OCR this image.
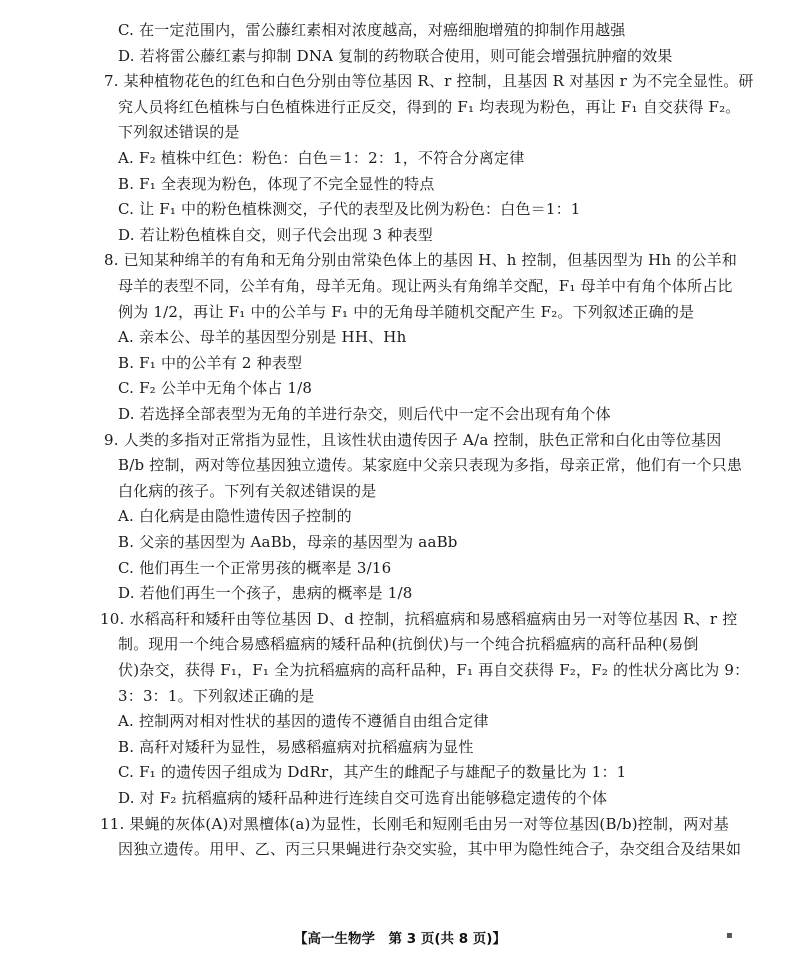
C. 在一定范围内，雷公藤红素相对浓度越高，对癌细胞增殖的抑制作用越强
D. 若将雷公藤红素与抑制 DNA 复制的药物联合使用，则可能会增强抗肿瘤的效果
7. 某种植物花色的红色和白色分别由等位基因 R、r 控制，且基因 R 对基因 r 为不完全显性。研
究人员将红色植株与白色植株进行正反交，得到的 F₁ 均表现为粉色，再让 F₁ 自交获得 F₂。
下列叙述错误的是
A. F₂ 植株中红色：粉色：白色＝1：2：1，不符合分离定律
B. F₁ 全表现为粉色，体现了不完全显性的特点
C. 让 F₁ 中的粉色植株测交，子代的表型及比例为粉色：白色＝1：1
D. 若让粉色植株自交，则子代会出现 3 种表型
8. 已知某种绵羊的有角和无角分别由常染色体上的基因 H、h 控制，但基因型为 Hh 的公羊和
母羊的表型不同，公羊有角，母羊无角。现让两头有角绵羊交配，F₁ 母羊中有角个体所占比
例为 1/2，再让 F₁ 中的公羊与 F₁ 中的无角母羊随机交配产生 F₂。下列叙述正确的是
A. 亲本公、母羊的基因型分别是 HH、Hh
B. F₁ 中的公羊有 2 种表型
C. F₂ 公羊中无角个体占 1/8
D. 若选择全部表型为无角的羊进行杂交，则后代中一定不会出现有角个体
9. 人类的多指对正常指为显性，且该性状由遗传因子 A/a 控制，肤色正常和白化由等位基因
B/b 控制，两对等位基因独立遗传。某家庭中父亲只表现为多指，母亲正常，他们有一个只患
白化病的孩子。下列有关叙述错误的是
A. 白化病是由隐性遗传因子控制的
B. 父亲的基因型为 AaBb，母亲的基因型为 aaBb
C. 他们再生一个正常男孩的概率是 3/16
D. 若他们再生一个孩子，患病的概率是 1/8
10. 水稻高秆和矮秆由等位基因 D、d 控制，抗稻瘟病和易感稻瘟病由另一对等位基因 R、r 控
制。现用一个纯合易感稻瘟病的矮秆品种(抗倒伏)与一个纯合抗稻瘟病的高秆品种(易倒
伏)杂交，获得 F₁，F₁ 全为抗稻瘟病的高秆品种，F₁ 再自交获得 F₂，F₂ 的性状分离比为 9：
3：3：1。下列叙述正确的是
A. 控制两对相对性状的基因的遗传不遵循自由组合定律
B. 高秆对矮秆为显性，易感稻瘟病对抗稻瘟病为显性
C. F₁ 的遗传因子组成为 DdRr，其产生的雌配子与雄配子的数量比为 1：1
D. 对 F₂ 抗稻瘟病的矮秆品种进行连续自交可选育出能够稳定遗传的个体
11. 果蝇的灰体(A)对黑檀体(a)为显性，长刚毛和短刚毛由另一对等位基因(B/b)控制，两对基
因独立遗传。用甲、乙、丙三只果蝇进行杂交实验，其中甲为隐性纯合子，杂交组合及结果如
【高一生物学　第 3 页(共 8 页)】	▪
